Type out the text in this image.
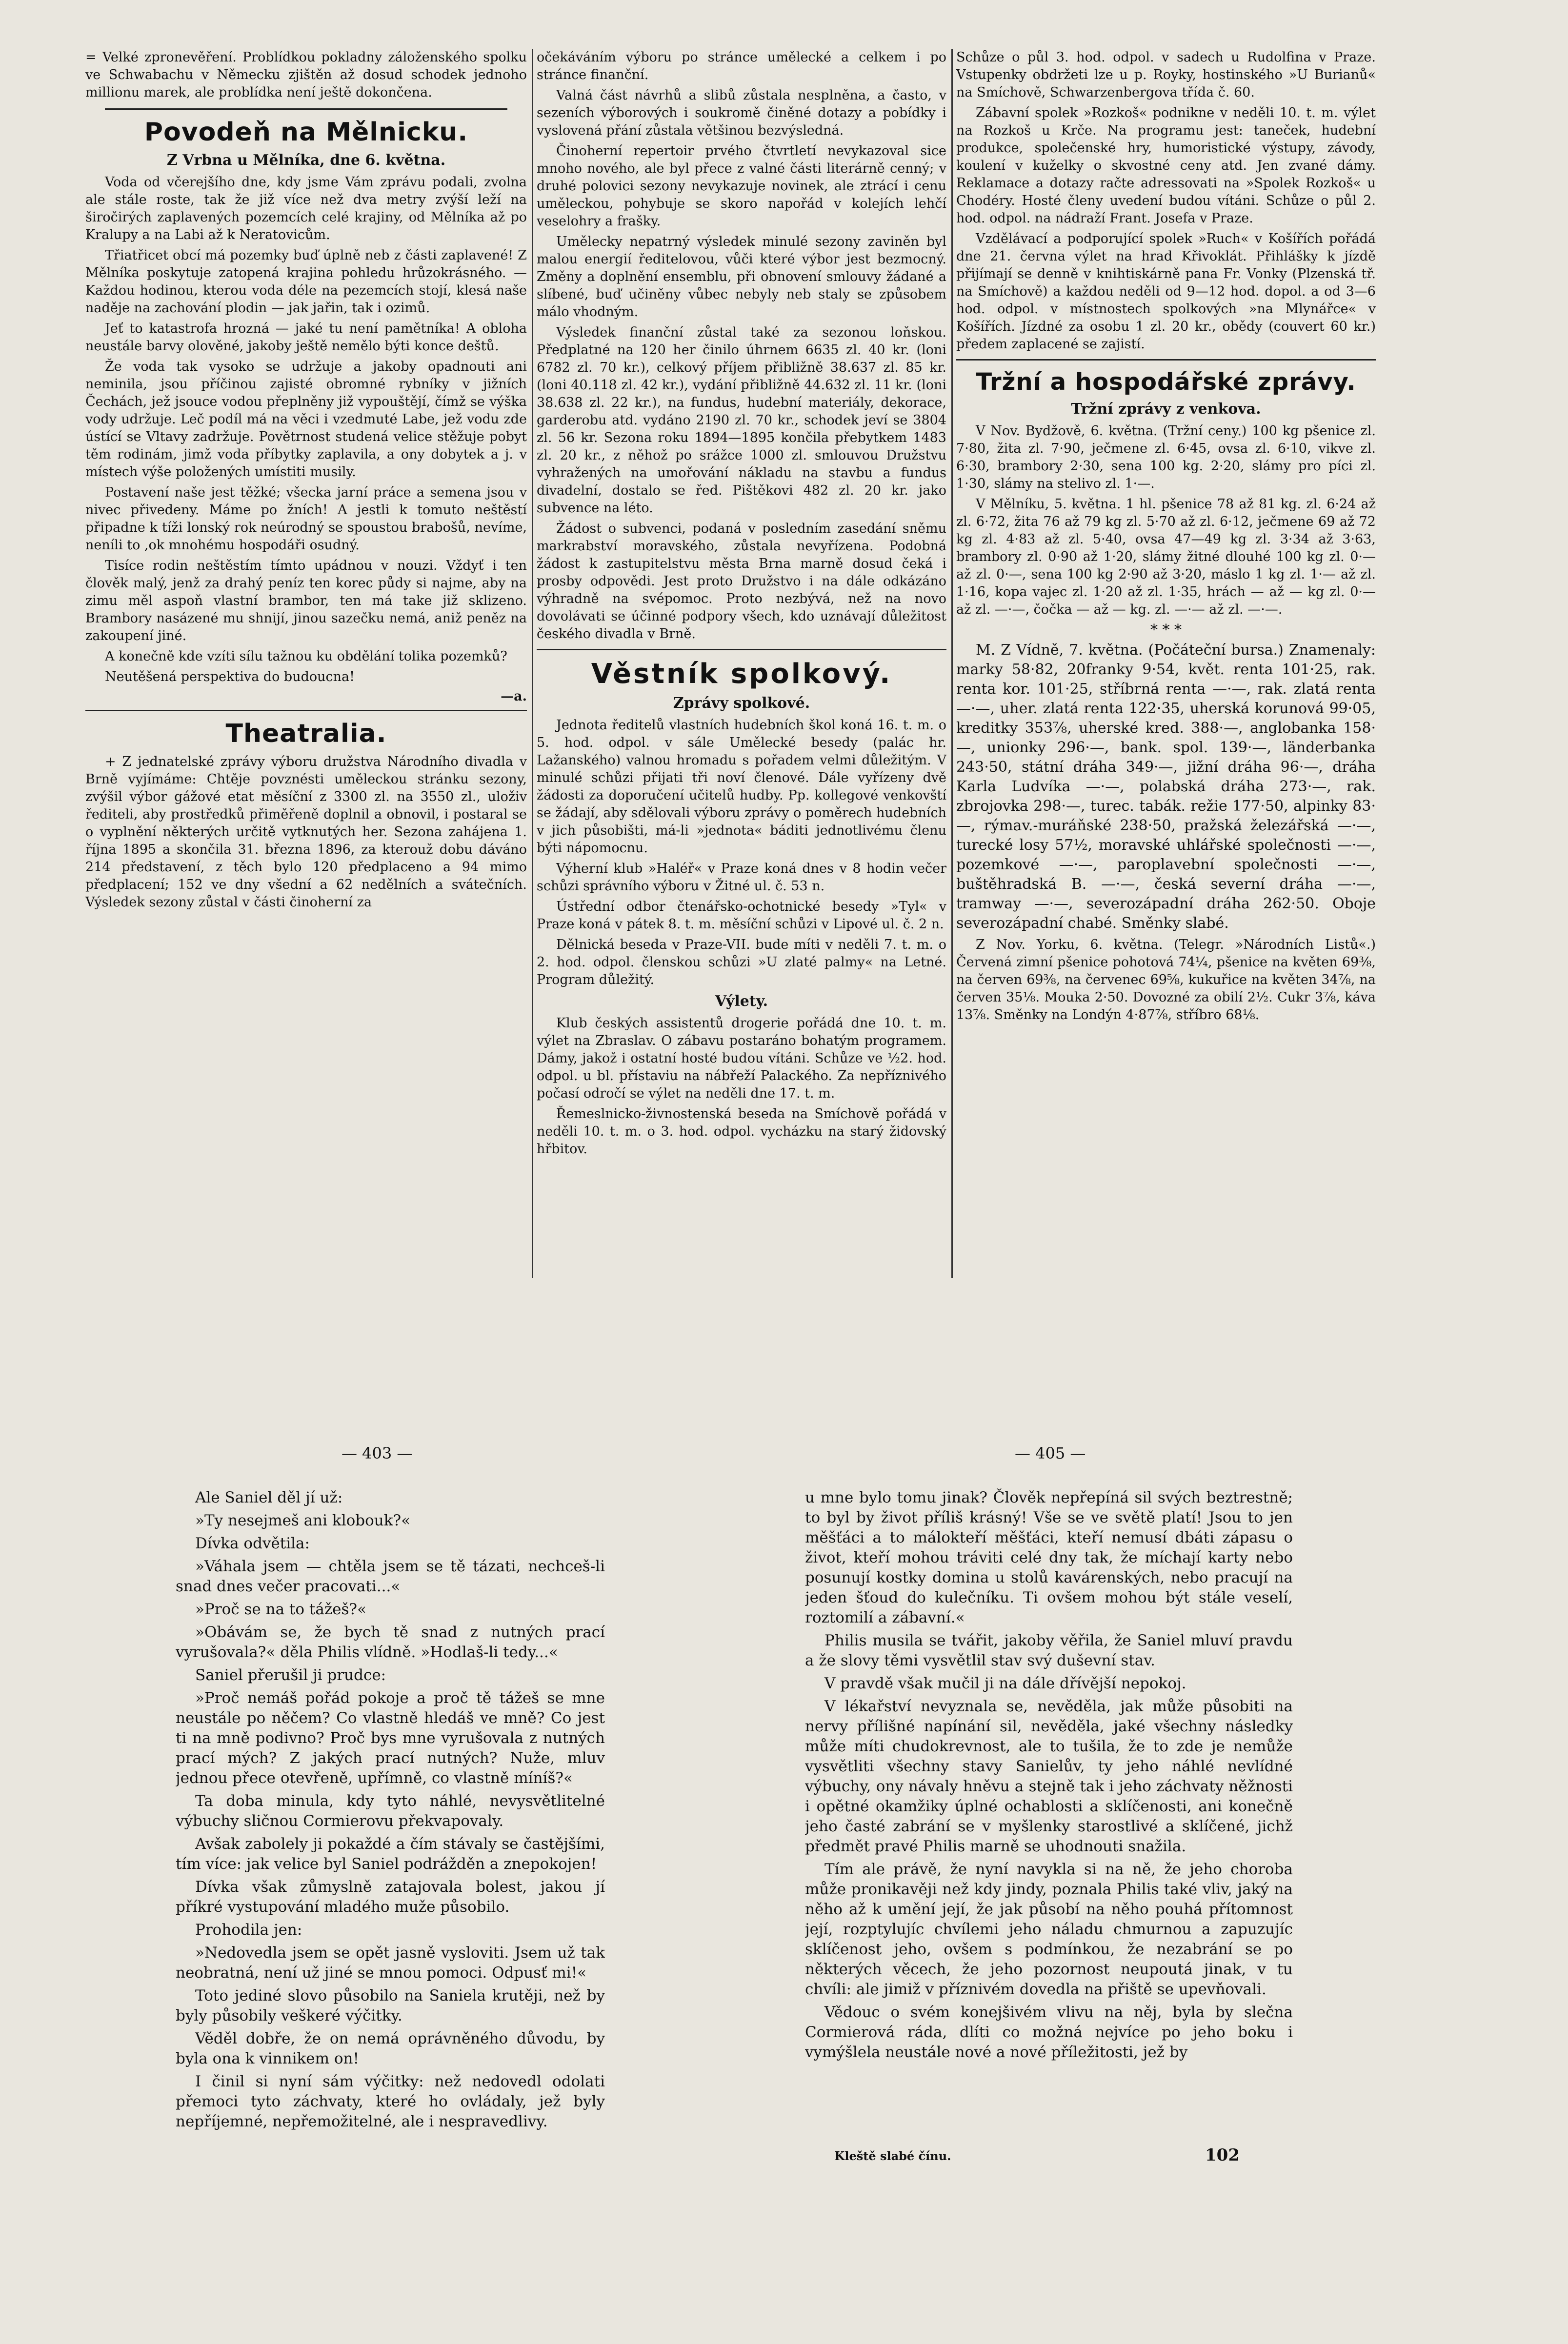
= Velké zpronevěření. Problídkou pokladny záloženského spolku ve Schwabachu v Německu zjištěn až dosud schodek jednoho millionu marek, ale problídka není ještě dokončena.

Povodeň na Mělnicku.
Z Vrbna u Mělníka, dne 6. května.

Voda od včerejšího dne, kdy jsme Vám zprávu podali, zvolna ale stále roste, tak že již více než dva metry zvýší leží na širočirých zaplavených pozemcích celé krajiny, od Mělníka až po Kralupy a na Labi až k Neratovicům.

Třiatřicet obcí má pozemky buď úplně neb z části zaplavené! Z Mělníka poskytuje zatopená krajina pohledu hrůzokrásného. — Každou hodinou, kterou voda déle na pezemcích stojí, klesá naše naděje na zachování plodin — jak jařin, tak i ozimů.

Jeť to katastrofa hrozná — jaké tu není pamětníka! A obloha neustále barvy olověné, jakoby ještě nemělo býti konce deštů.

Že voda tak vysoko se udržuje a jakoby opadnouti ani neminila, jsou příčinou zajisté obromné rybníky v jižních Čechách, jež jsouce vodou přeplněny již vypouštějí, čímž se výška vody udržuje. Leč podíl má na věci i vzedmuté Labe, jež vodu zde ústící se Vltavy zadržuje. Povětrnost studená velice stěžuje pobyt těm rodinám, jimž voda příbytky zaplavila, a ony dobytek a j. v místech výše položených umístiti musily.

Postavení naše jest těžké; všecka jarní práce a semena jsou v nivec přivedeny. Máme po žních! A jestli k tomuto neštěstí připadne k tíži lonský rok neúrodný se spoustou brabošů, nevíme, neníli to ,ok mnohému hospodáři osudný.

Tisíce rodin neštěstím tímto upádnou v nouzi. Vždyť i ten člověk malý, jenž za drahý peníz ten korec půdy si najme, aby na zimu měl aspoň vlastní brambor, ten má take již sklizeno. Brambory nasázené mu shnijí, jinou sazečku nemá, aniž peněz na zakoupení jiné.

A konečně kde vzíti sílu tažnou ku obdělání tolika pozemků?

Neutěšená perspektiva do budoucna!

—a.
Theatralia.

+ Z jednatelské zprávy výboru družstva Národního divadla v Brně vyjímáme: Chtěje povznésti uměleckou stránku sezony, zvýšil výbor gážové etat měsíční z 3300 zl. na 3550 zl., uloživ řediteli, aby prostředků přiměřeně doplnil a obnovil, i postaral se o vyplnění některých určitě vytknutých her. Sezona zahájena 1. října 1895 a skončila 31. března 1896, za kterouž dobu dáváno 214 představení, z těch bylo 120 předplaceno a 94 mimo předplacení; 152 ve dny všední a 62 nedělních a svátečních. Výsledek sezony zůstal v části činoherní za

očekáváním výboru po stránce umělecké a celkem i po stránce finanční.

Valná část návrhů a slibů zůstala nesplněna, a často, v sezeních výborových i soukromě činěné dotazy a pobídky i vyslovená přání zůstala většinou bezvýsledná.

Činoherní repertoir prvého čtvrtletí nevykazoval sice mnoho nového, ale byl přece z valné části literárně cenný; v druhé polovici sezony nevykazuje novinek, ale ztrácí i cenu uměleckou, pohybuje se skoro napořád v kolejích lehčí veselohry a frašky.

Umělecky nepatrný výsledek minulé sezony zaviněn byl malou energií ředitelovou, vůči které výbor jest bezmocný. Změny a doplnění ensemblu, při obnovení smlouvy žádané a slíbené, buď učiněny vůbec nebyly neb staly se způsobem málo vhodným.

Výsledek finanční zůstal také za sezonou loňskou. Předplatné na 120 her činilo úhrnem 6635 zl. 40 kr. (loni 6782 zl. 70 kr.), celkový příjem přibližně 38.637 zl. 85 kr. (loni 40.118 zl. 42 kr.), vydání přibližně 44.632 zl. 11 kr. (loni 38.638 zl. 22 kr.), na fundus, hudební materiály, dekorace, garderobu atd. vydáno 2190 zl. 70 kr., schodek jeví se 3804 zl. 56 kr. Sezona roku 1894—1895 končila přebytkem 1483 zl. 20 kr., z něhož po srážce 1000 zl. smlouvou Družstvu vyhražených na umořování nákladu na stavbu a fundus divadelní, dostalo se řed. Pištěkovi 482 zl. 20 kr. jako subvence na léto.

Žádost o subvenci, podaná v posledním zasedání sněmu markrabství moravského, zůstala nevyřízena. Podobná žádost k zastupitelstvu města Brna marně dosud čeká i prosby odpovědi. Jest proto Družstvo i na dále odkázáno výhradně na svépomoc. Proto nezbývá, než na novo dovolávati se účinné podpory všech, kdo uznávají důležitost českého divadla v Brně.

Věstník spolkový.
Zprávy spolkové.

Jednota ředitelů vlastních hudebních škol koná 16. t. m. o 5. hod. odpol. v sále Umělecké besedy (palác hr. Lažanského) valnou hromadu s pořadem velmi důležitým. V minulé schůzi přijati tři noví členové. Dále vyřízeny dvě žádosti za doporučení učitelů hudby. Pp. kollegové venkovští se žádají, aby sdělovali výboru zprávy o poměrech hudebních v jich působišti, má-li »jednota« báditi jednotlivému členu býti nápomocnu.

Výherní klub »Haléř« v Praze koná dnes v 8 hodin večer schůzi správního výboru v Žitné ul. č. 53 n.

Ústřední odbor čtenářsko-ochotnické besedy »Tyl« v Praze koná v pátek 8. t. m. měsíční schůzi v Lipové ul. č. 2 n.

Dělnická beseda v Praze-VII. bude míti v neděli 7. t. m. o 2. hod. odpol. členskou schůzi »U zlaté palmy« na Letné. Program důležitý.

Výlety.

Klub českých assistentů drogerie pořádá dne 10. t. m. výlet na Zbraslav. O zábavu postaráno bohatým programem. Dámy, jakož i ostatní hosté budou vítáni. Schůze ve ½2. hod. odpol. u bl. přístaviu na nábřeží Palackého. Za nepříznivého počasí odročí se výlet na neděli dne 17. t. m.

Řemeslnicko-živnostenská beseda na Smíchově pořádá v neděli 10. t. m. o 3. hod. odpol. vycházku na starý židovský hřbitov.

Schůze o půl 3. hod. odpol. v sadech u Rudolfina v Praze. Vstupenky obdržeti lze u p. Royky, hostinského »U Burianů« na Smíchově, Schwarzenbergova třída č. 60.

Zábavní spolek »Rozkoš« podnikne v neděli 10. t. m. výlet na Rozkoš u Krče. Na programu jest: taneček, hudební produkce, společenské hry, humoristické výstupy, závody, koulení v kuželky o skvostné ceny atd. Jen zvané dámy. Reklamace a dotazy račte adressovati na »Spolek Rozkoš« u Chodéry. Hosté členy uvedení budou vítáni. Schůze o půl 2. hod. odpol. na nádraží Frant. Josefa v Praze.

Vzdělávací a podporující spolek »Ruch« v Košířích pořádá dne 21. června výlet na hrad Křivoklát. Přihlášky k jízdě přijímají se denně v knihtiskárně pana Fr. Vonky (Plzenská tř. na Smíchově) a každou neděli od 9—12 hod. dopol. a od 3—6 hod. odpol. v místnostech spolkových »na Mlynářce« v Košířích. Jízdné za osobu 1 zl. 20 kr., obědy (couvert 60 kr.) předem zaplacené se zajistí.

Tržní a hospodářské zprávy.
Tržní zprávy z venkova.

V Nov. Bydžově, 6. května. (Tržní ceny.) 100 kg pšenice zl. 7·80, žita zl. 7·90, ječmene zl. 6·45, ovsa zl. 6·10, vikve zl. 6·30, brambory 2·30, sena 100 kg. 2·20, slámy pro píci zl. 1·30, slámy na stelivo zl. 1·—.

V Mělníku, 5. května. 1 hl. pšenice 78 až 81 kg. zl. 6·24 až zl. 6·72, žita 76 až 79 kg zl. 5·70 až zl. 6·12, ječmene 69 až 72 kg zl. 4·83 až zl. 5·40, ovsa 47—49 kg zl. 3·34 až 3·63, brambory zl. 0·90 až 1·20, slámy žitné dlouhé 100 kg zl. 0·— až zl. 0·—, sena 100 kg 2·90 až 3·20, máslo 1 kg zl. 1·— až zl. 1·16, kopa vajec zl. 1·20 až zl. 1·35, hrách — až — kg zl. 0·— až zl. —·—, čočka — až — kg. zl. —·— až zl. —·—.

* * *

M. Z Vídně, 7. května. (Počáteční bursa.) Znamenaly: marky 58·82, 20franky 9·54, květ. renta 101·25, rak. renta kor. 101·25, stříbrná renta —·—, rak. zlatá renta —·—, uher. zlatá renta 122·35, uherská korunová 99·05, kreditky 353⅞, uherské kred. 388·—, anglobanka 158·—, unionky 296·—, bank. spol. 139·—, länderbanka 243·50, státní dráha 349·—, jižní dráha 96·—, dráha Karla Ludvíka —·—, polabská dráha 273·—, rak. zbrojovka 298·—, turec. tabák. režie 177·50, alpinky 83·—, rýmav.-muráňské 238·50, pražská železářská —·—, turecké losy 57½, moravské uhlářské společnosti —·—, pozemkové —·—, paroplavební společnosti —·—, buštěhradská B. —·—, česká severní dráha —·—, tramway —·—, severozápadní dráha 262·50. Oboje severozápadní chabé. Směnky slabé.

Z Nov. Yorku, 6. května. (Telegr. »Národních Listů«.) Červená zimní pšenice pohotová 74¼, pšenice na květen 69⅜, na červen 69⅜, na červenec 69⅝, kukuřice na květen 34⅞, na červen 35⅛. Mouka 2·50. Dovozné za obilí 2½. Cukr 3⅞, káva 13⅞. Směnky na Londýn 4·87⅞, stříbro 68⅛.

— 403 —	— 405 —

Ale Saniel děl jí už:

»Ty nesejmeš ani klobouk?«

Dívka odvětila:

»Váhala jsem — chtěla jsem se tě tázati, nechceš-li snad dnes večer pracovati...«

»Proč se na to tážeš?«

»Obávám se, že bych tě snad z nutných prací vyrušovala?« děla Philis vlídně. »Hodlaš-li tedy...«

Saniel přerušil ji prudce:

»Proč nemáš pořád pokoje a proč tě tážeš se mne neustále po něčem? Co vlastně hledáš ve mně? Co jest ti na mně podivno? Proč bys mne vyrušovala z nutných prací mých? Z jakých prací nutných? Nuže, mluv jednou přece otevřeně, upřímně, co vlastně míníš?«

Ta doba minula, kdy tyto náhlé, nevysvětlitelné výbuchy sličnou Cormierovu překvapovaly.

Avšak zabolely ji pokaždé a čím stávaly se častějšími, tím více: jak velice byl Saniel podrážděn a znepokojen!

Dívka však zůmyslně zatajovala bolest, jakou jí příkré vystupování mladého muže působilo.

Prohodila jen:

»Nedovedla jsem se opět jasně vysloviti. Jsem už tak neobratná, není už jiné se mnou pomoci. Odpusť mi!«

Toto jediné slovo působilo na Saniela krutěji, než by byly působily veškeré výčitky.

Věděl dobře, že on nemá oprávněného důvodu, by byla ona k vinnikem on!

I činil si nyní sám výčitky: než nedovedl odolati přemoci tyto záchvaty, které ho ovládaly, jež byly nepříjemné, nepřemožitelné, ale i nespravedlivy.

u mne bylo tomu jinak? Člověk nepřepíná sil svých beztrestně; to byl by život příliš krásný! Vše se ve světě platí! Jsou to jen měšťáci a to málokteří měšťáci, kteří nemusí dbáti zápasu o život, kteří mohou tráviti celé dny tak, že míchají karty nebo posunují kostky domina u stolů kavárenských, nebo pracují na jeden šťoud do kulečníku. Ti ovšem mohou být stále veselí, roztomilí a zábavní.«

Philis musila se tvářit, jakoby věřila, že Saniel mluví pravdu a že slovy těmi vysvětlil stav svý duševní stav.

V pravdě však mučil ji na dále dřívější nepokoj.

V lékařství nevyznala se, nevěděla, jak může působiti na nervy přílišné napínání sil, nevěděla, jaké všechny následky může míti chudokrevnost, ale to tušila, že to zde je nemůže vysvětliti všechny stavy Sanielův, ty jeho náhlé nevlídné výbuchy, ony návaly hněvu a stejně tak i jeho záchvaty něžnosti i opětné okamžiky úplné ochablosti a sklíčenosti, ani konečně jeho časté zabrání se v myšlenky starostlivé a sklíčené, jichž předmět pravé Philis marně se uhodnouti snažila.

Tím ale právě, že nyní navykla si na ně, že jeho choroba může pronikavěji než kdy jindy, poznala Philis také vliv, jaký na něho až k umění její, že jak působí na něho pouhá přítomnost její, rozptylujíc chvílemi jeho náladu chmurnou a zapuzujíc sklíčenost jeho, ovšem s podmínkou, že nezabrání se po některých věcech, že jeho pozornost neupoutá jinak, v tu chvíli: ale jimiž v příznivém dovedla na přiště se upevňovali.

Vědouc o svém konejšivém vlivu na něj, byla by slečna Cormierová ráda, dlíti co možná nejvíce po jeho boku i vymýšlela neustále nové a nové příležitosti, jež by

Kleště slabé čínu.	102
